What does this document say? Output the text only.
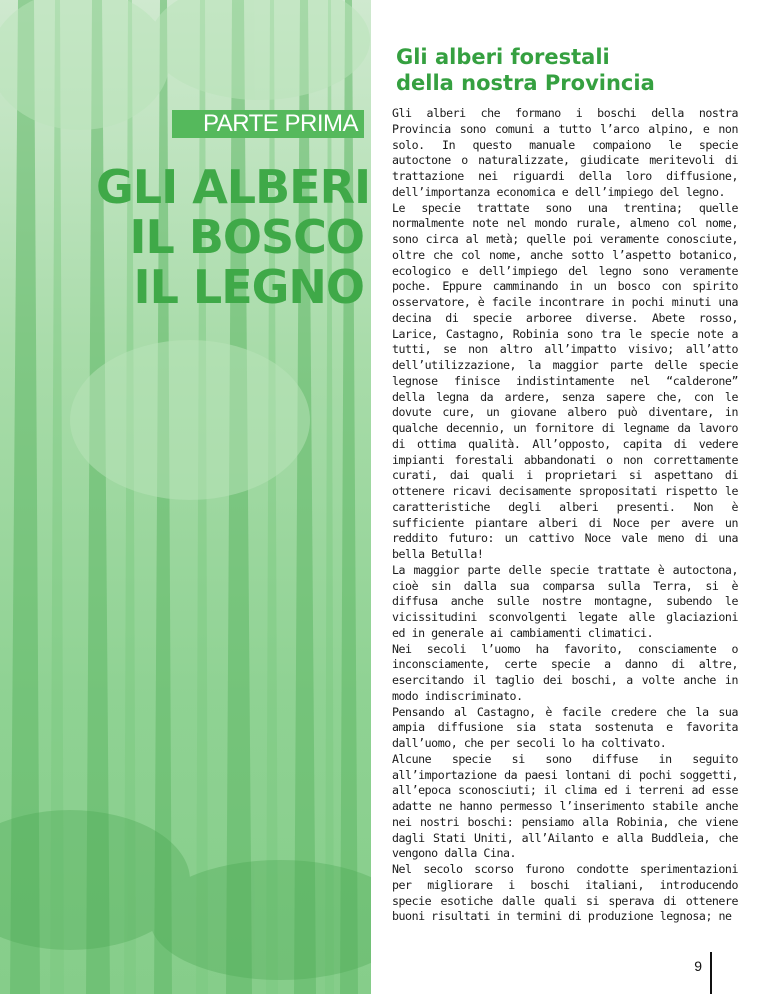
PARTE PRIMA
GLI ALBERI
IL BOSCO
IL LEGNO
Gli alberi forestali
della nostra Provincia

Gli alberi che formano i boschi della nostra Provincia sono comuni a tutto l’arco alpino, e non solo. In questo manuale compaiono le specie autoctone o naturalizzate, giudicate meritevoli di trattazione nei riguardi della loro diffusione, dell’importanza economica e dell’impiego del legno.

Le specie trattate sono una trentina; quelle normalmente note nel mondo rurale, almeno col nome, sono circa al metà; quelle poi veramente conosciute, oltre che col nome, anche sotto l’aspetto botanico, ecologico e dell’impiego del legno sono veramente poche. Eppure camminando in un bosco con spirito osservatore, è facile incontrare in pochi minuti una decina di specie arboree diverse. Abete rosso, Larice, Castagno, Robinia sono tra le specie note a tutti, se non altro all’impatto visivo; all’atto dell’utilizzazione, la maggior parte delle specie legnose finisce indistintamente nel “calderone” della legna da ardere, senza sapere che, con le dovute cure, un giovane albero può diventare, in qualche decennio, un fornitore di legname da lavoro di ottima qualità. All’opposto, capita di vedere impianti forestali abbandonati o non correttamente curati, dai quali i proprietari si aspettano di ottenere ricavi decisamente spropositati rispetto le caratteristiche degli alberi presenti. Non è sufficiente piantare alberi di Noce per avere un reddito futuro: un cattivo Noce vale meno di una bella Betulla!

La maggior parte delle specie trattate è autoctona, cioè sin dalla sua comparsa sulla Terra, si è diffusa anche sulle nostre montagne, subendo le vicissitudini sconvolgenti legate alle glaciazioni ed in generale ai cambiamenti climatici.

Nei secoli l’uomo ha favorito, consciamente o inconsciamente, certe specie a danno di altre, esercitando il taglio dei boschi, a volte anche in modo indiscriminato.

Pensando al Castagno, è facile credere che la sua ampia diffusione sia stata sostenuta e favorita dall’uomo, che per secoli lo ha coltivato.

Alcune specie si sono diffuse in seguito all’importazione da paesi lontani di pochi soggetti, all’epoca sconosciuti; il clima ed i terreni ad esse adatte ne hanno permesso l’inserimento stabile anche nei nostri boschi: pensiamo alla Robinia, che viene dagli Stati Uniti, all’Ailanto e alla Buddleia, che vengono dalla Cina.

Nel secolo scorso furono condotte sperimentazioni per migliorare i boschi italiani, introducendo specie esotiche dalle quali si sperava di ottenere buoni risultati in termini di produzione legnosa; ne

9
